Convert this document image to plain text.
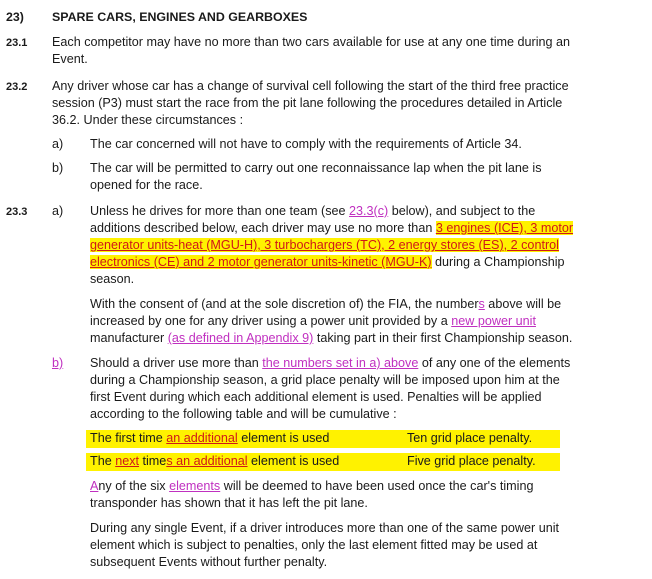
23) SPARE CARS, ENGINES AND GEARBOXES
23.1 Each competitor may have no more than two cars available for use at any one time during an
Event.
23.2 Any driver whose car has a change of survival cell following the start of the third free practice
session (P3) must start the race from the pit lane following the procedures detailed in Article
36.2. Under these circumstances :
a) The car concerned will not have to comply with the requirements of Article 34.
b) The car will be permitted to carry out one reconnaissance lap when the pit lane is
opened for the race.
23.3 a) Unless he drives for more than one team (see 23.3(c) below), and subject to the
additions described below, each driver may use no more than 3 engines (ICE), 3 motor
generator units-heat (MGU-H), 3 turbochargers (TC), 2 energy stores (ES), 2 control
electronics (CE) and 2 motor generator units-kinetic (MGU-K) during a Championship
season.
With the consent of (and at the sole discretion of) the FIA, the numbers above will be
increased by one for any driver using a power unit provided by a new power unit
manufacturer (as defined in Appendix 9) taking part in their first Championship season.
b) Should a driver use more than the numbers set in a) above of any one of the elements
during a Championship season, a grid place penalty will be imposed upon him at the
first Event during which each additional element is used. Penalties will be applied
according to the following table and will be cumulative :
The first time an additional element is used	Ten grid place penalty.
The next times an additional element is used	Five grid place penalty.
Any of the six elements will be deemed to have been used once the car's timing
transponder has shown that it has left the pit lane.
During any single Event, if a driver introduces more than one of the same power unit
element which is subject to penalties, only the last element fitted may be used at
subsequent Events without further penalty.
